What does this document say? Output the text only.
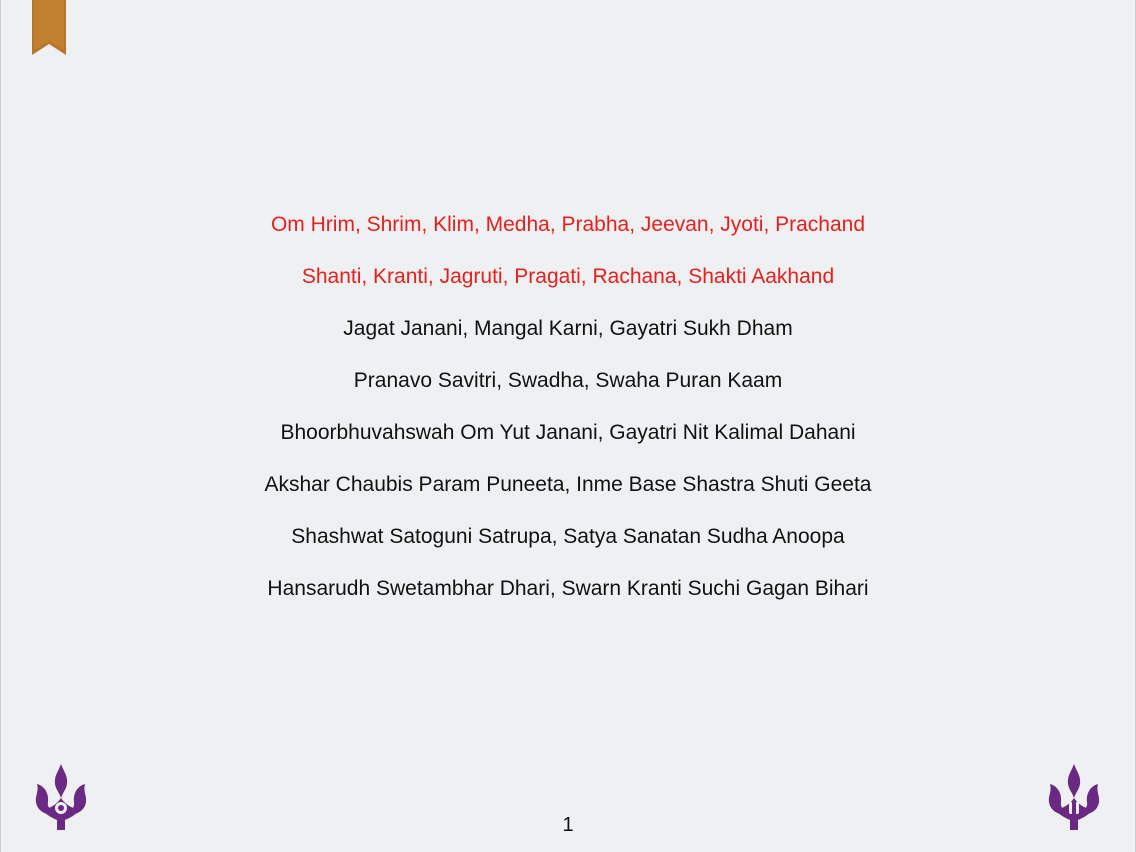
Om Hrim, Shrim, Klim, Medha, Prabha, Jeevan, Jyoti, Prachand
Shanti, Kranti, Jagruti, Pragati, Rachana, Shakti Aakhand
Jagat Janani, Mangal Karni, Gayatri Sukh Dham
Pranavo Savitri, Swadha, Swaha Puran Kaam
Bhoorbhuvahswah Om Yut Janani, Gayatri Nit Kalimal Dahani
Akshar Chaubis Param Puneeta, Inme Base Shastra Shuti Geeta
Shashwat Satoguni Satrupa, Satya Sanatan Sudha Anoopa
Hansarudh Swetambhar Dhari, Swarn Kranti Suchi Gagan Bihari
1
